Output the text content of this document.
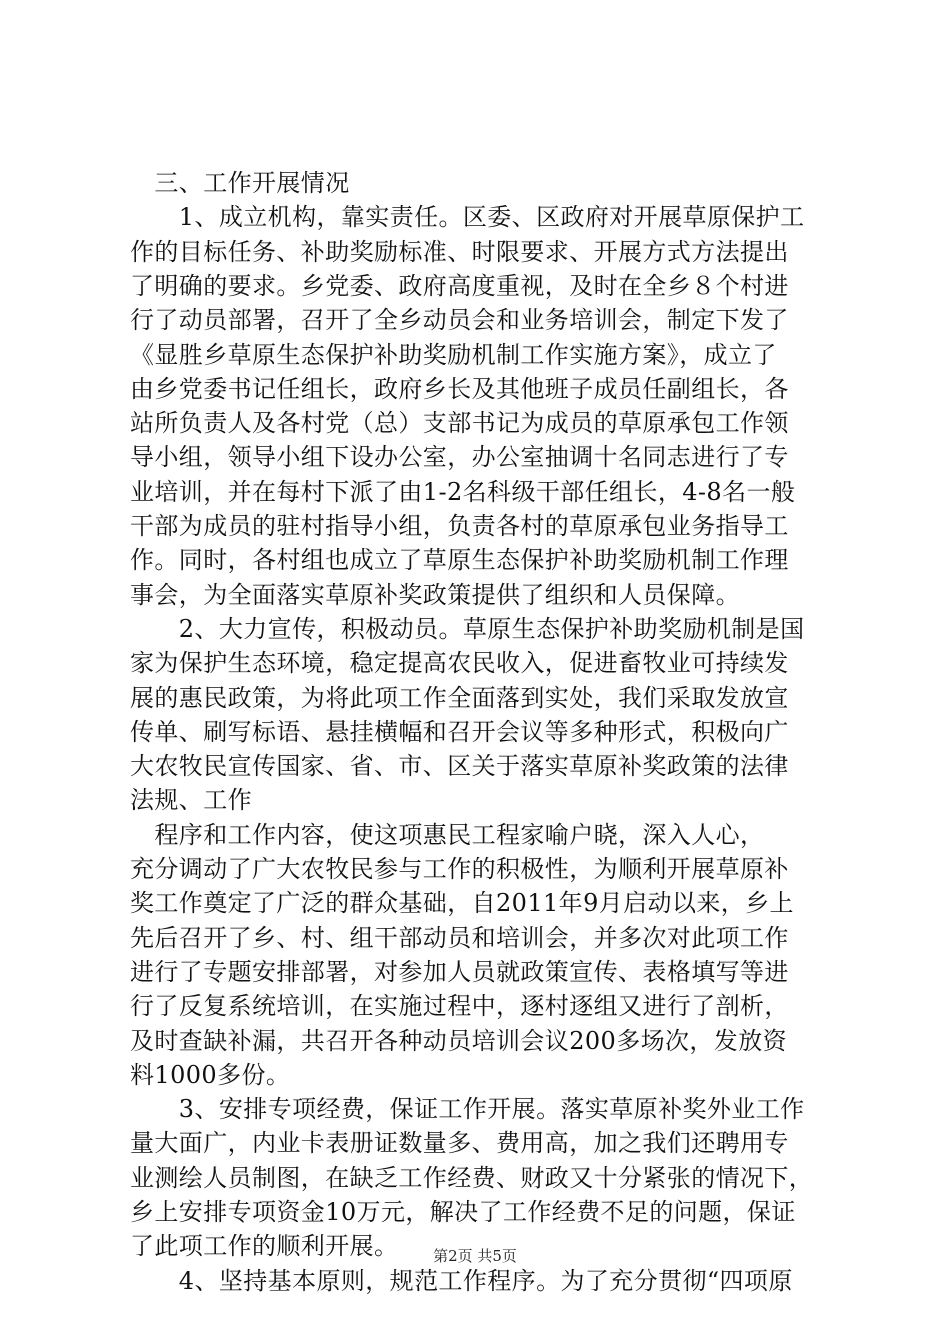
　三、工作开展情况
　　1、成立机构，靠实责任。区委、区政府对开展草原保护工
作的目标任务、补助奖励标准、时限要求、开展方式方法提出
了明确的要求。乡党委、政府高度重视，及时在全乡８个村进
行了动员部署，召开了全乡动员会和业务培训会，制定下发了
《显胜乡草原生态保护补助奖励机制工作实施方案》，成立了
由乡党委书记任组长，政府乡长及其他班子成员任副组长，各
站所负责人及各村党（总）支部书记为成员的草原承包工作领
导小组，领导小组下设办公室，办公室抽调十名同志进行了专
业培训，并在每村下派了由1-2名科级干部任组长，4-8名一般
干部为成员的驻村指导小组，负责各村的草原承包业务指导工
作。同时，各村组也成立了草原生态保护补助奖励机制工作理
事会，为全面落实草原补奖政策提供了组织和人员保障。
　　2、大力宣传，积极动员。草原生态保护补助奖励机制是国
家为保护生态环境，稳定提高农民收入，促进畜牧业可持续发
展的惠民政策，为将此项工作全面落到实处，我们采取发放宣
传单、刷写标语、悬挂横幅和召开会议等多种形式，积极向广
大农牧民宣传国家、省、市、区关于落实草原补奖政策的法律
法规、工作
　程序和工作内容，使这项惠民工程家喻户晓，深入人心，
充分调动了广大农牧民参与工作的积极性，为顺利开展草原补
奖工作奠定了广泛的群众基础，自2011年9月启动以来，乡上
先后召开了乡、村、组干部动员和培训会，并多次对此项工作
进行了专题安排部署，对参加人员就政策宣传、表格填写等进
行了反复系统培训，在实施过程中，逐村逐组又进行了剖析，
及时查缺补漏，共召开各种动员培训会议200多场次，发放资
料1000多份。
　　3、安排专项经费，保证工作开展。落实草原补奖外业工作
量大面广，内业卡表册证数量多、费用高，加之我们还聘用专
业测绘人员制图，在缺乏工作经费、财政又十分紧张的情况下，
乡上安排专项资金10万元，解决了工作经费不足的问题，保证
了此项工作的顺利开展。
　　4、坚持基本原则，规范工作程序。为了充分贯彻“四项原
第2页 共5页
